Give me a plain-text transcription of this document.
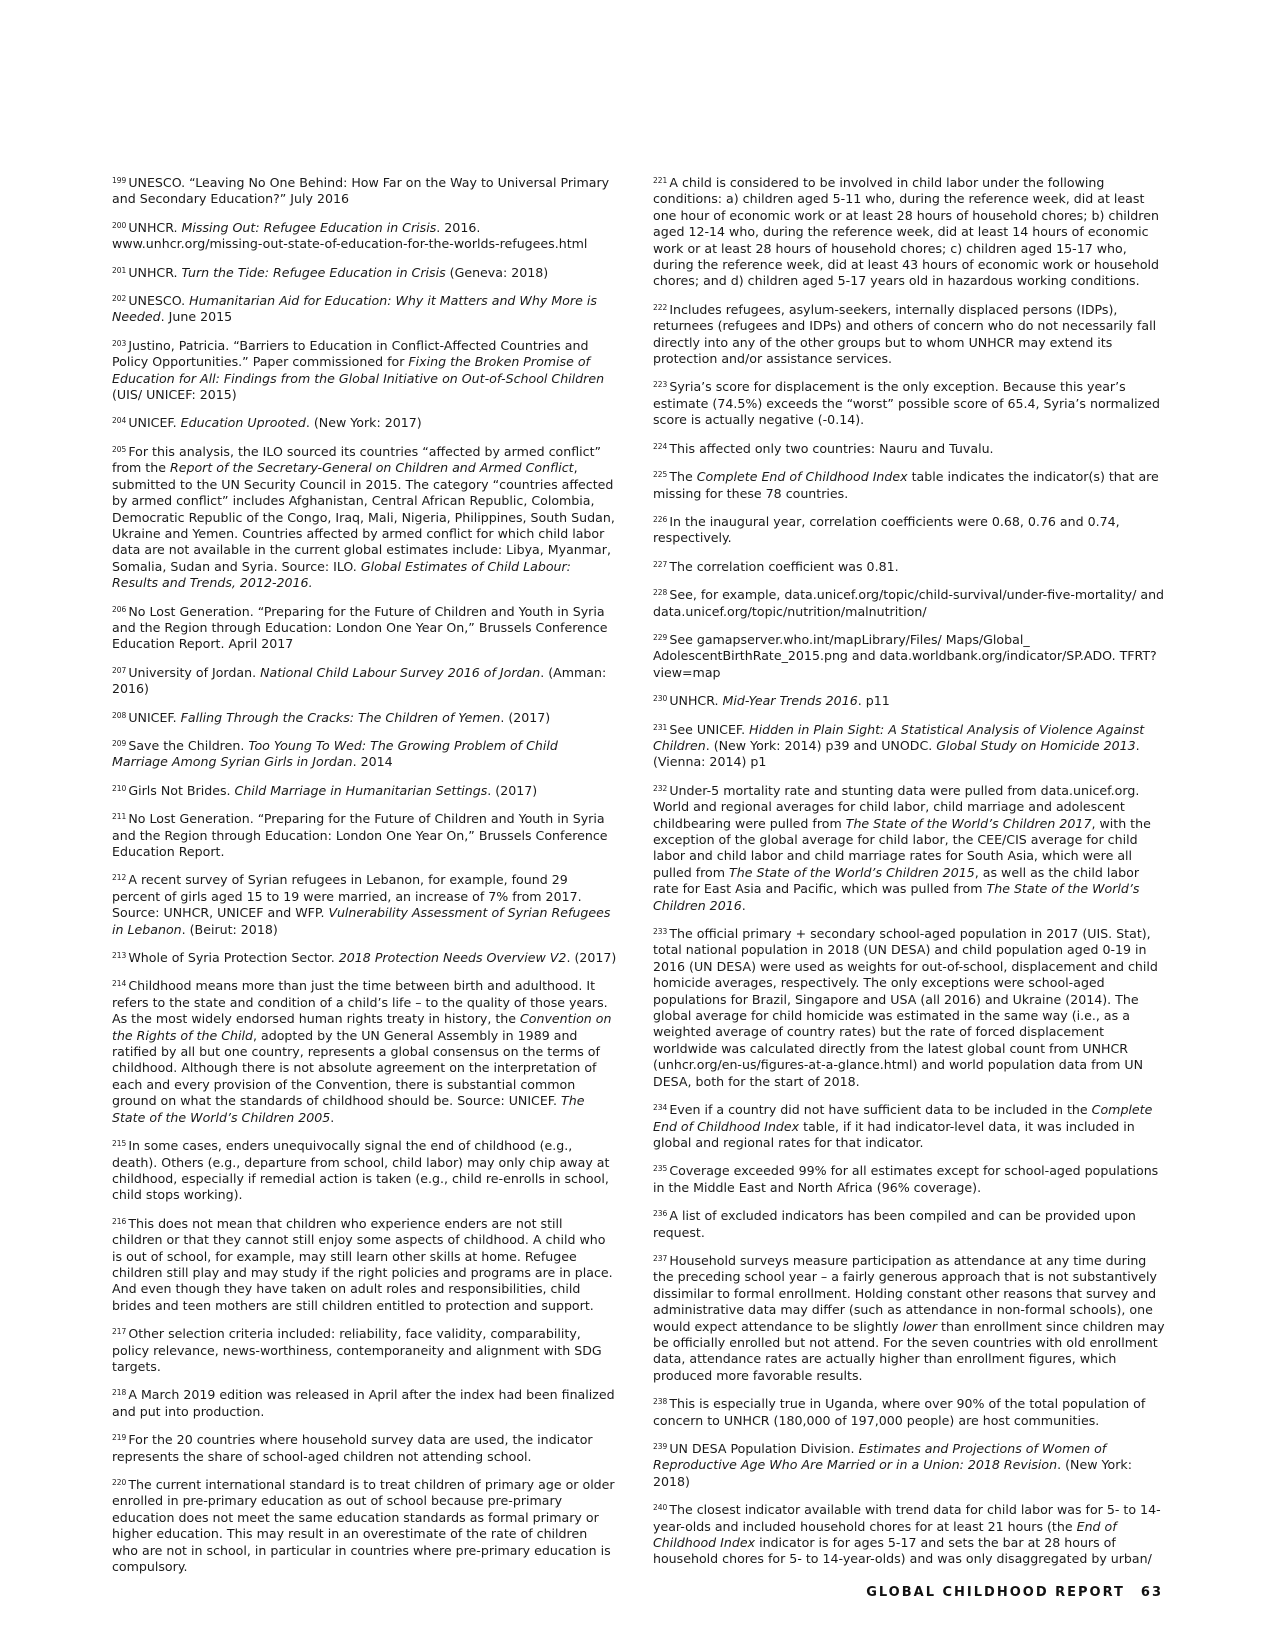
$^{199}$ UNESCO. “Leaving No One Behind: How Far on the Way to Universal Primary and Secondary Education?” July 2016

$^{200}$ UNHCR. Missing Out: Refugee Education in Crisis. 2016. www.unhcr.org/missing-out-state-of-education-for-the-worlds-refugees.html

$^{201}$ UNHCR. Turn the Tide: Refugee Education in Crisis (Geneva: 2018)

$^{202}$ UNESCO. Humanitarian Aid for Education: Why it Matters and Why More is Needed. June 2015

$^{203}$ Justino, Patricia. “Barriers to Education in Conflict-Affected Countries and Policy Opportunities.” Paper commissioned for Fixing the Broken Promise of Education for All: Findings from the Global Initiative on Out-of-School Children (UIS/ UNICEF: 2015)

$^{204}$ UNICEF. Education Uprooted. (New York: 2017)

$^{205}$ For this analysis, the ILO sourced its countries “affected by armed conflict” from the Report of the Secretary-General on Children and Armed Conflict, submitted to the UN Security Council in 2015. The category “countries affected by armed conflict” includes Afghanistan, Central African Republic, Colombia, Democratic Republic of the Congo, Iraq, Mali, Nigeria, Philippines, South Sudan, Ukraine and Yemen. Countries affected by armed conflict for which child labor data are not available in the current global estimates include: Libya, Myanmar, Somalia, Sudan and Syria. Source: ILO. Global Estimates of Child Labour: Results and Trends, 2012-2016.

$^{206}$ No Lost Generation. “Preparing for the Future of Children and Youth in Syria and the Region through Education: London One Year On,” Brussels Conference Education Report. April 2017

$^{207}$ University of Jordan. National Child Labour Survey 2016 of Jordan. (Amman: 2016)

$^{208}$ UNICEF. Falling Through the Cracks: The Children of Yemen. (2017)

$^{209}$ Save the Children. Too Young To Wed: The Growing Problem of Child Marriage Among Syrian Girls in Jordan. 2014

$^{210}$ Girls Not Brides. Child Marriage in Humanitarian Settings. (2017)

$^{211}$ No Lost Generation. “Preparing for the Future of Children and Youth in Syria and the Region through Education: London One Year On,” Brussels Conference Education Report.

$^{212}$ A recent survey of Syrian refugees in Lebanon, for example, found 29 percent of girls aged 15 to 19 were married, an increase of 7% from 2017. Source: UNHCR, UNICEF and WFP. Vulnerability Assessment of Syrian Refugees in Lebanon. (Beirut: 2018)

$^{213}$ Whole of Syria Protection Sector. 2018 Protection Needs Overview V2. (2017)

$^{214}$ Childhood means more than just the time between birth and adulthood. It refers to the state and condition of a child’s life – to the quality of those years. As the most widely endorsed human rights treaty in history, the Convention on the Rights of the Child, adopted by the UN General Assembly in 1989 and ratified by all but one country, represents a global consensus on the terms of childhood. Although there is not absolute agreement on the interpretation of each and every provision of the Convention, there is substantial common ground on what the standards of childhood should be. Source: UNICEF. The State of the World’s Children 2005.

$^{215}$ In some cases, enders unequivocally signal the end of childhood (e.g., death). Others (e.g., departure from school, child labor) may only chip away at childhood, especially if remedial action is taken (e.g., child re-enrolls in school, child stops working).

$^{216}$ This does not mean that children who experience enders are not still children or that they cannot still enjoy some aspects of childhood. A child who is out of school, for example, may still learn other skills at home. Refugee children still play and may study if the right policies and programs are in place. And even though they have taken on adult roles and responsibilities, child brides and teen mothers are still children entitled to protection and support.

$^{217}$ Other selection criteria included: reliability, face validity, comparability, policy relevance, news-worthiness, contemporaneity and alignment with SDG targets.

$^{218}$ A March 2019 edition was released in April after the index had been finalized and put into production.

$^{219}$ For the 20 countries where household survey data are used, the indicator represents the share of school-aged children not attending school.

$^{220}$ The current international standard is to treat children of primary age or older enrolled in pre-primary education as out of school because pre-primary education does not meet the same education standards as formal primary or higher education. This may result in an overestimate of the rate of children who are not in school, in particular in countries where pre-primary education is compulsory.

$^{221}$ A child is considered to be involved in child labor under the following conditions: a) children aged 5-11 who, during the reference week, did at least one hour of economic work or at least 28 hours of household chores; b) children aged 12-14 who, during the reference week, did at least 14 hours of economic work or at least 28 hours of household chores; c) children aged 15-17 who, during the reference week, did at least 43 hours of economic work or household chores; and d) children aged 5-17 years old in hazardous working conditions.

$^{222}$ Includes refugees, asylum-seekers, internally displaced persons (IDPs), returnees (refugees and IDPs) and others of concern who do not necessarily fall directly into any of the other groups but to whom UNHCR may extend its protection and/or assistance services.

$^{223}$ Syria’s score for displacement is the only exception. Because this year’s estimate (74.5%) exceeds the “worst” possible score of 65.4, Syria’s normalized score is actually negative (-0.14).

$^{224}$ This affected only two countries: Nauru and Tuvalu.

$^{225}$ The Complete End of Childhood Index table indicates the indicator(s) that are missing for these 78 countries.

$^{226}$ In the inaugural year, correlation coefficients were 0.68, 0.76 and 0.74, respectively.

$^{227}$ The correlation coefficient was 0.81.

$^{228}$ See, for example, data.unicef.org/topic/child-survival/under-five-mortality/ and data.unicef.org/topic/nutrition/malnutrition/

$^{229}$ See gamapserver.who.int/mapLibrary/Files/ Maps/Global_ AdolescentBirthRate_2015.png and data.worldbank.org/indicator/SP.ADO. TFRT?view=map

$^{230}$ UNHCR. Mid-Year Trends 2016. p11

$^{231}$ See UNICEF. Hidden in Plain Sight: A Statistical Analysis of Violence Against Children. (New York: 2014) p39 and UNODC. Global Study on Homicide 2013. (Vienna: 2014) p1

$^{232}$ Under-5 mortality rate and stunting data were pulled from data.unicef.org. World and regional averages for child labor, child marriage and adolescent childbearing were pulled from The State of the World’s Children 2017, with the exception of the global average for child labor, the CEE/CIS average for child labor and child labor and child marriage rates for South Asia, which were all pulled from The State of the World’s Children 2015, as well as the child labor rate for East Asia and Pacific, which was pulled from The State of the World’s Children 2016.

$^{233}$ The official primary + secondary school-aged population in 2017 (UIS. Stat), total national population in 2018 (UN DESA) and child population aged 0-19 in 2016 (UN DESA) were used as weights for out-of-school, displacement and child homicide averages, respectively. The only exceptions were school-aged populations for Brazil, Singapore and USA (all 2016) and Ukraine (2014). The global average for child homicide was estimated in the same way (i.e., as a weighted average of country rates) but the rate of forced displacement worldwide was calculated directly from the latest global count from UNHCR (unhcr.org/en-us/figures-at-a-glance.html) and world population data from UN DESA, both for the start of 2018.

$^{234}$ Even if a country did not have sufficient data to be included in the Complete End of Childhood Index table, if it had indicator-level data, it was included in global and regional rates for that indicator.

$^{235}$ Coverage exceeded 99% for all estimates except for school-aged populations in the Middle East and North Africa (96% coverage).

$^{236}$ A list of excluded indicators has been compiled and can be provided upon request.

$^{237}$ Household surveys measure participation as attendance at any time during the preceding school year – a fairly generous approach that is not substantively dissimilar to formal enrollment. Holding constant other reasons that survey and administrative data may differ (such as attendance in non-formal schools), one would expect attendance to be slightly lower than enrollment since children may be officially enrolled but not attend. For the seven countries with old enrollment data, attendance rates are actually higher than enrollment figures, which produced more favorable results.

$^{238}$ This is especially true in Uganda, where over 90% of the total population of concern to UNHCR (180,000 of 197,000 people) are host communities.

$^{239}$ UN DESA Population Division. Estimates and Projections of Women of Reproductive Age Who Are Married or in a Union: 2018 Revision. (New York: 2018)

$^{240}$ The closest indicator available with trend data for child labor was for 5- to 14-year-olds and included household chores for at least 21 hours (the End of Childhood Index indicator is for ages 5-17 and sets the bar at 28 hours of household chores for 5- to 14-year-olds) and was only disaggregated by urban/

GLOBAL CHILDHOOD REPORT 63
